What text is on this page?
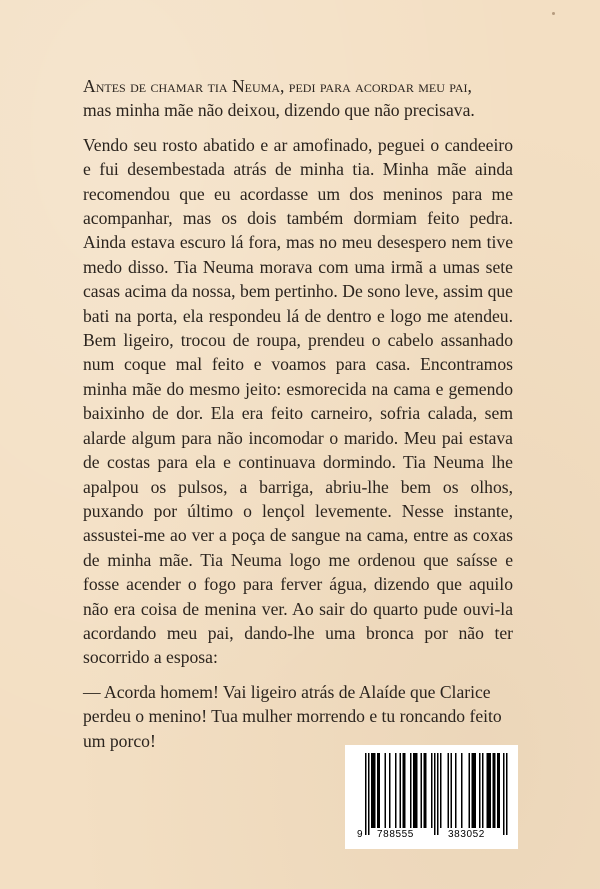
Antes de chamar tia Neuma, pedi para acordar meu pai,
mas minha mãe não deixou, dizendo que não precisava.

Vendo seu rosto abatido e ar amofinado, peguei o candeeiro e fui desembestada atrás de minha tia. Minha mãe ainda recomendou que eu acordasse um dos meninos para me acompanhar, mas os dois também dormiam feito pedra. Ainda estava escuro lá fora, mas no meu desespero nem tive medo disso. Tia Neuma morava com uma irmã a umas sete casas acima da nossa, bem pertinho. De sono leve, assim que bati na porta, ela respondeu lá de dentro e logo me atendeu. Bem ligeiro, trocou de roupa, prendeu o cabelo assanhado num coque mal feito e voamos para casa. Encontramos minha mãe do mesmo jeito: esmorecida na cama e gemendo baixinho de dor. Ela era feito carneiro, sofria calada, sem alarde algum para não incomodar o marido. Meu pai estava de costas para ela e continuava dormindo. Tia Neuma lhe apalpou os pulsos, a barriga, abriu-lhe bem os olhos, puxando por último o lençol levemente. Nesse instante, assustei-me ao ver a poça de sangue na cama, entre as coxas de minha mãe. Tia Neuma logo me ordenou que saísse e fosse acender o fogo para ferver água, dizendo que aquilo não era coisa de menina ver. Ao sair do quarto pude ouvi-la acordando meu pai, dando-lhe uma bronca por não ter socorrido a esposa:

— Acorda homem! Vai ligeiro atrás de Alaíde que Clarice perdeu o menino! Tua mulher morrendo e tu roncando feito um porco!

9 788555	383052
